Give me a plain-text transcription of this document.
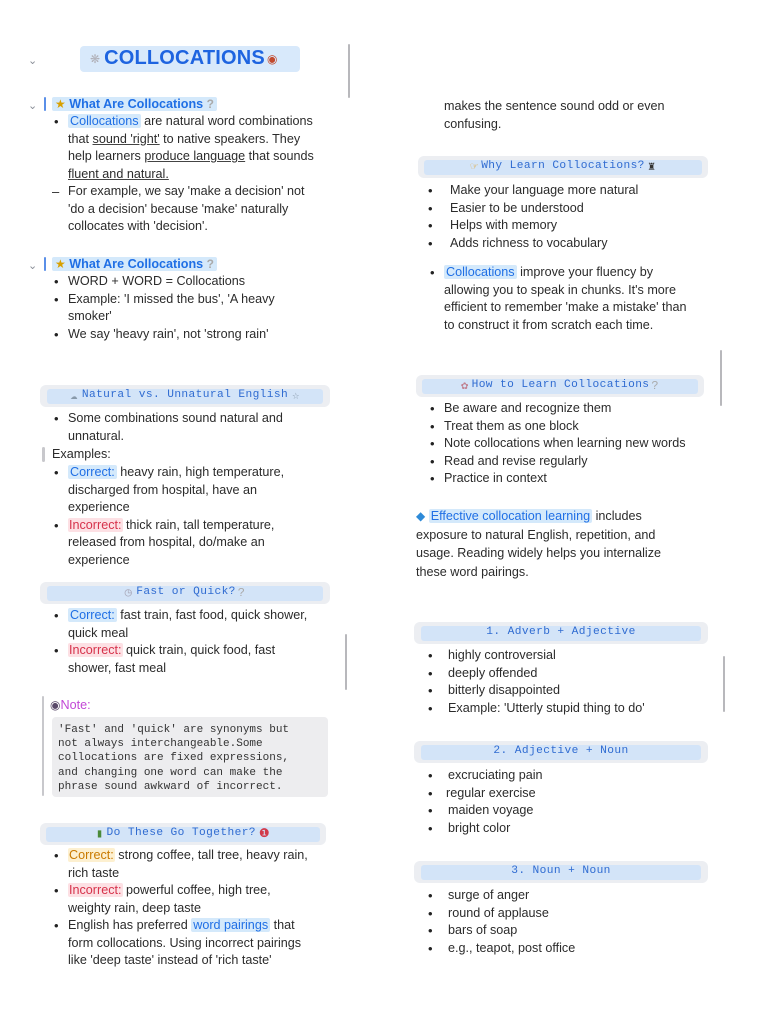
⌄	❋ COLLOCATIONS ◉
⌄ ★ What Are Collocations ?
• Collocations are natural word combinations
that sound 'right' to native speakers. They
help learners produce language that sounds
fluent and natural.
– For example, we say 'make a decision' not
'do a decision' because 'make' naturally
collocates with 'decision'.
⌄ ★ What Are Collocations ?
• WORD + WORD = Collocations
• Example: 'I missed the bus', 'A heavy
smoker'
• We say 'heavy rain', not 'strong rain'
☁ Natural vs. Unnatural English ☆
• Some combinations sound natural and
unnatural.
Examples:
• Correct: heavy rain, high temperature,
discharged from hospital, have an
experience
• Incorrect: thick rain, tall temperature,
released from hospital, do/make an
experience
◷ Fast or Quick? ?
• Correct: fast train, fast food, quick shower,
quick meal
• Incorrect: quick train, quick food, fast
shower, fast meal
◉Note:
'Fast' and 'quick' are synonyms but
not always interchangeable.Some
collocations are fixed expressions,
and changing one word can make the
phrase sound awkward of incorrect.
▮ Do These Go Together? ❶
• Correct: strong coffee, tall tree, heavy rain,
rich taste
• Incorrect: powerful coffee, high tree,
weighty rain, deep taste
• English has preferred word pairings that
form collocations. Using incorrect pairings
like 'deep taste' instead of 'rich taste'
makes the sentence sound odd or even
confusing.
☞ Why Learn Collocations? ♜
• Make your language more natural
• Easier to be understood
• Helps with memory
• Adds richness to vocabulary
• Collocations improve your fluency by
allowing you to speak in chunks. It's more
efficient to remember 'make a mistake' than
to construct it from scratch each time.
✿ How to Learn Collocations ?
• Be aware and recognize them
• Treat them as one block
• Note collocations when learning new words
• Read and revise regularly
• Practice in context
◆ Effective collocation learning includes
exposure to natural English, repetition, and
usage. Reading widely helps you internalize
these word pairings.
1. Adverb + Adjective
• highly controversial
• deeply offended
• bitterly disappointed
• Example: 'Utterly stupid thing to do'
2. Adjective + Noun
• excruciating pain
• regular exercise
• maiden voyage
• bright color
3. Noun + Noun
• surge of anger
• round of applause
• bars of soap
• e.g., teapot, post office
